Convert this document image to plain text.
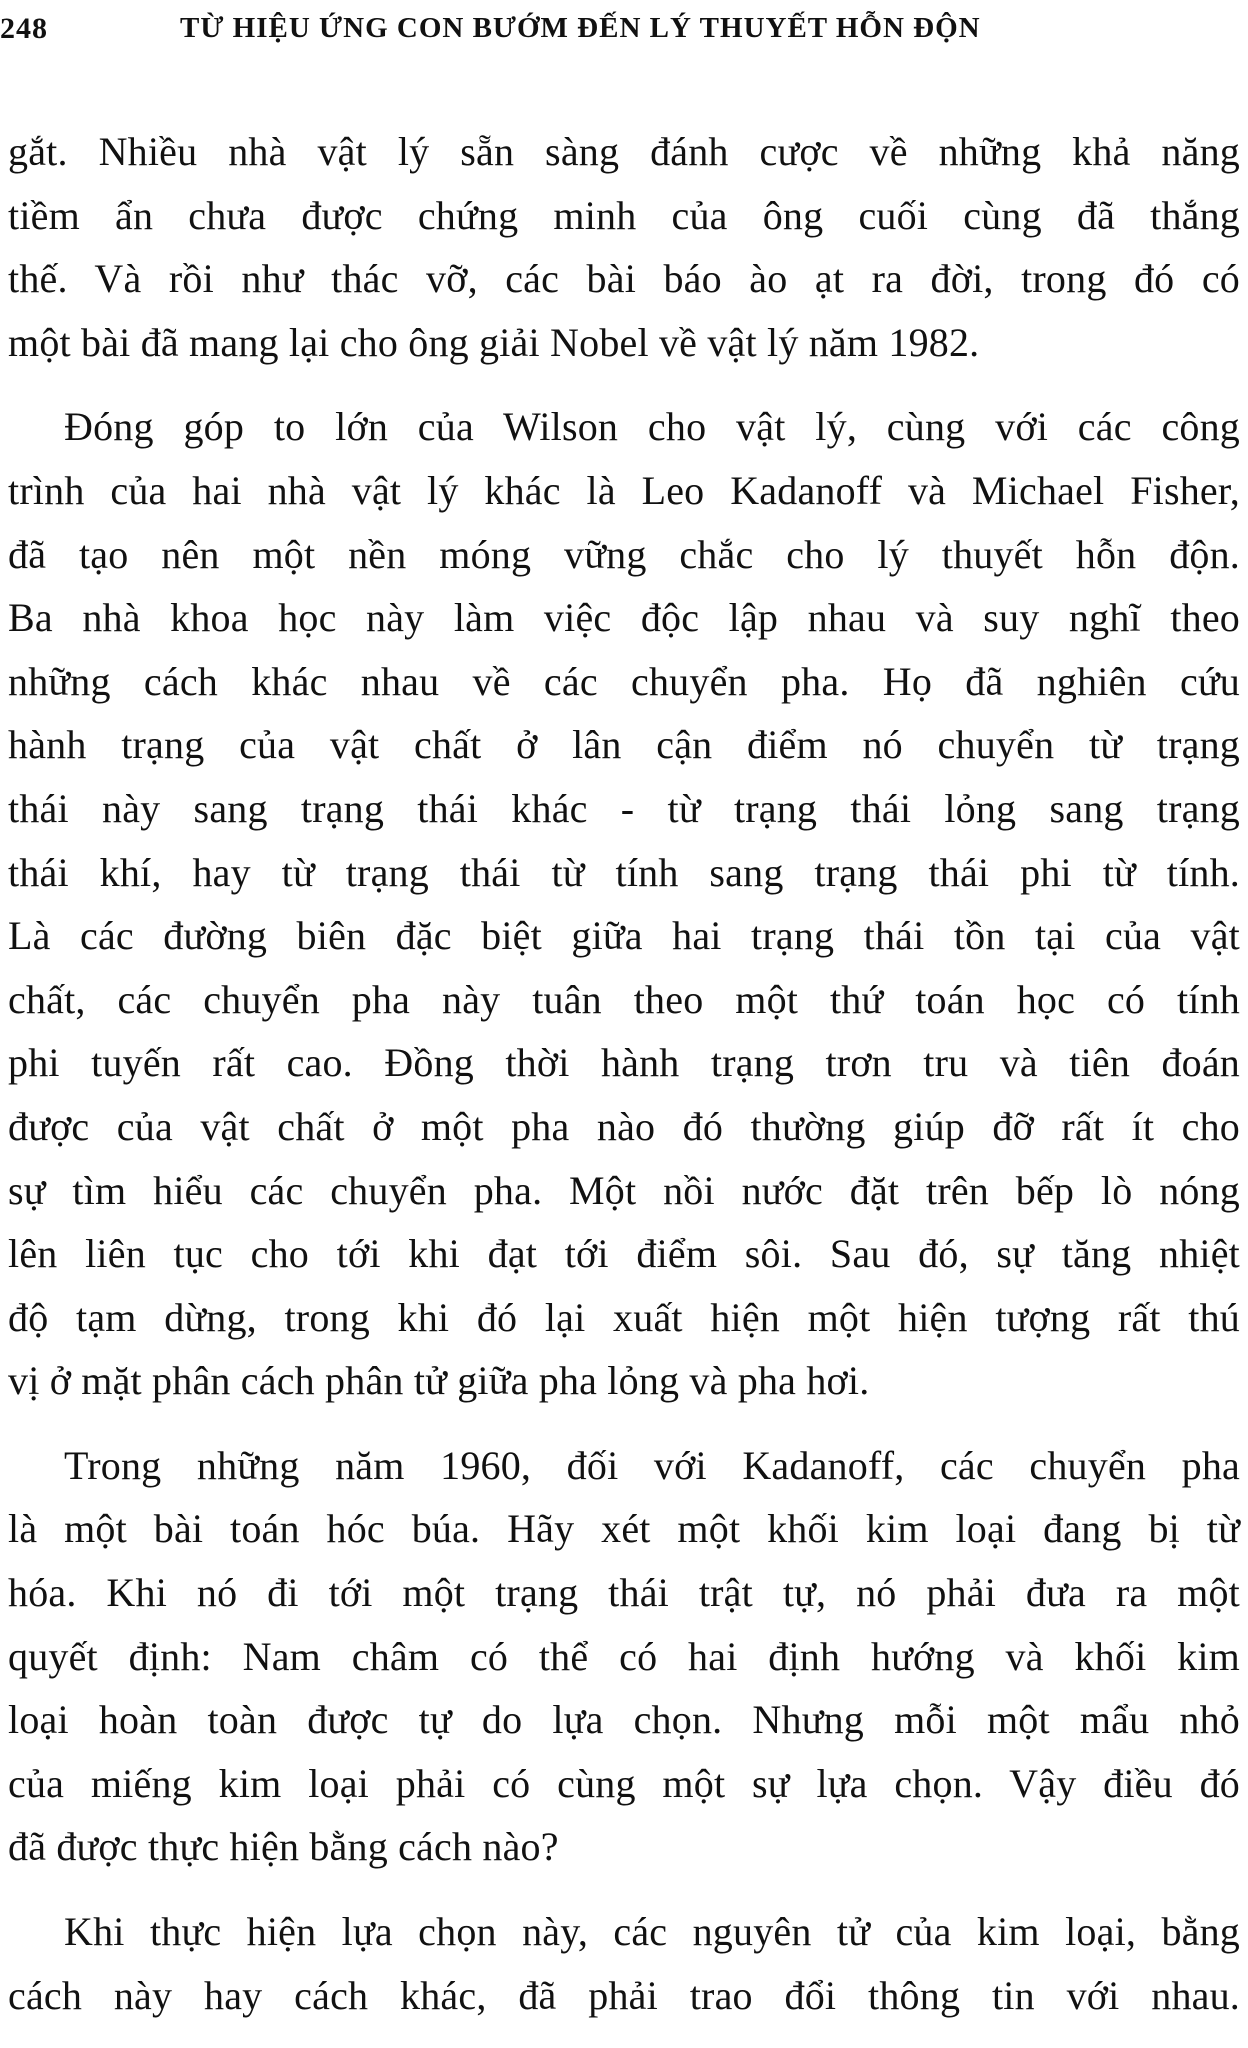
248	TỪ HIỆU ỨNG CON BƯỚM ĐẾN LÝ THUYẾT HỖN ĐỘN

gắt. Nhiều nhà vật lý sẵn sàng đánh cược về những khả năng
tiềm ẩn chưa được chứng minh của ông cuối cùng đã thắng
thế. Và rồi như thác vỡ, các bài báo ào ạt ra đời, trong đó có
một bài đã mang lại cho ông giải Nobel về vật lý năm 1982.

Đóng góp to lớn của Wilson cho vật lý, cùng với các công
trình của hai nhà vật lý khác là Leo Kadanoff và Michael Fisher,
đã tạo nên một nền móng vững chắc cho lý thuyết hỗn độn.
Ba nhà khoa học này làm việc độc lập nhau và suy nghĩ theo
những cách khác nhau về các chuyển pha. Họ đã nghiên cứu
hành trạng của vật chất ở lân cận điểm nó chuyển từ trạng
thái này sang trạng thái khác - từ trạng thái lỏng sang trạng
thái khí, hay từ trạng thái từ tính sang trạng thái phi từ tính.
Là các đường biên đặc biệt giữa hai trạng thái tồn tại của vật
chất, các chuyển pha này tuân theo một thứ toán học có tính
phi tuyến rất cao. Đồng thời hành trạng trơn tru và tiên đoán
được của vật chất ở một pha nào đó thường giúp đỡ rất ít cho
sự tìm hiểu các chuyển pha. Một nồi nước đặt trên bếp lò nóng
lên liên tục cho tới khi đạt tới điểm sôi. Sau đó, sự tăng nhiệt
độ tạm dừng, trong khi đó lại xuất hiện một hiện tượng rất thú
vị ở mặt phân cách phân tử giữa pha lỏng và pha hơi.

Trong những năm 1960, đối với Kadanoff, các chuyển pha
là một bài toán hóc búa. Hãy xét một khối kim loại đang bị từ
hóa. Khi nó đi tới một trạng thái trật tự, nó phải đưa ra một
quyết định: Nam châm có thể có hai định hướng và khối kim
loại hoàn toàn được tự do lựa chọn. Nhưng mỗi một mẩu nhỏ
của miếng kim loại phải có cùng một sự lựa chọn. Vậy điều đó
đã được thực hiện bằng cách nào?

Khi thực hiện lựa chọn này, các nguyên tử của kim loại, bằng
cách này hay cách khác, đã phải trao đổi thông tin với nhau.
